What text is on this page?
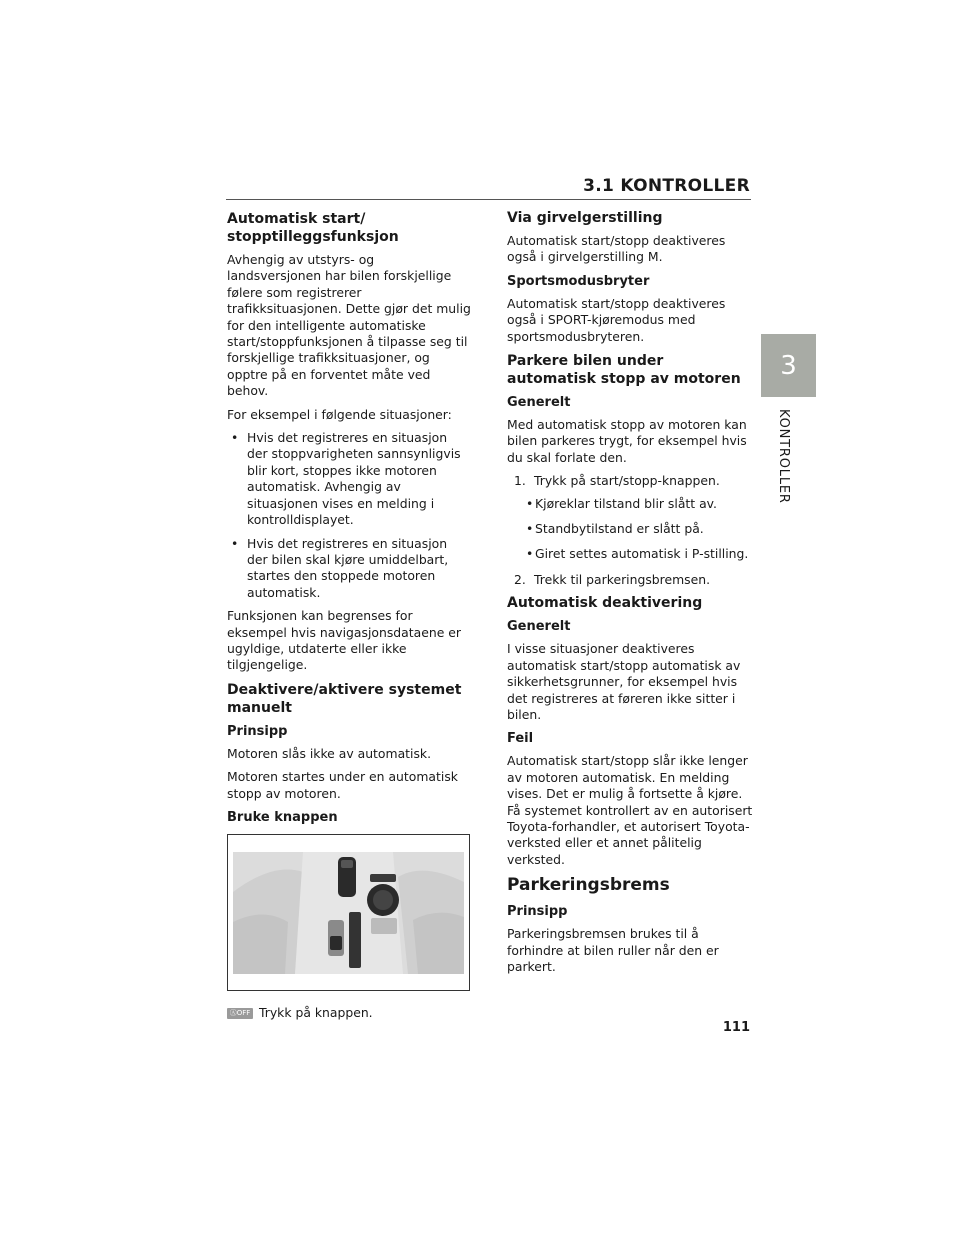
3.1 KONTROLLER
3
KONTROLLER
Automatisk start/
stopptilleggsfunksjon

Avhengig av utstyrs- og landsversjonen har bilen forskjellige følere som registrerer trafikksituasjonen. Dette gjør det mulig for den intelligente automatiske start/stoppfunksjonen å tilpasse seg til forskjellige trafikksituasjoner, og opptre på en forventet måte ved behov.

For eksempel i følgende situasjoner:

• Hvis det registreres en situasjon der stoppvarigheten sannsynligvis blir kort, stoppes ikke motoren automatisk. Avhengig av situasjonen vises en melding i kontrolldisplayet.
• Hvis det registreres en situasjon der bilen skal kjøre umiddelbart, startes den stoppede motoren automatisk.

Funksjonen kan begrenses for eksempel hvis navigasjonsdataene er ugyldige, utdaterte eller ikke tilgjengelige.

Deaktivere/aktivere systemet
manuelt
Prinsipp

Motoren slås ikke av automatisk.

Motoren startes under en automatisk stopp av motoren.

Bruke knappen
Ⓐ OFF Trykk på knappen.
Via girvelgerstilling

Automatisk start/stopp deaktiveres også i girvelgerstilling M.

Sportsmodusbryter

Automatisk start/stopp deaktiveres også i SPORT-kjøremodus med sportsmodusbryteren.

Parkere bilen under automatisk stopp av motoren
Generelt

Med automatisk stopp av motoren kan bilen parkeres trygt, for eksempel hvis du skal forlate den.

1. Trykk på start/stopp-knappen.
• Kjøreklar tilstand blir slått av.
• Standbytilstand er slått på.
• Giret settes automatisk i P-stilling.
2. Trekk til parkeringsbremsen.
Automatisk deaktivering
Generelt

I visse situasjoner deaktiveres automatisk start/stopp automatisk av sikkerhetsgrunner, for eksempel hvis det registreres at føreren ikke sitter i bilen.

Feil

Automatisk start/stopp slår ikke lenger av motoren automatisk. En melding vises. Det er mulig å fortsette å kjøre. Få systemet kontrollert av en autorisert Toyota-forhandler, et autorisert Toyota-verksted eller et annet pålitelig verksted.

Parkeringsbrems
Prinsipp

Parkeringsbremsen brukes til å forhindre at bilen ruller når den er parkert.

111
